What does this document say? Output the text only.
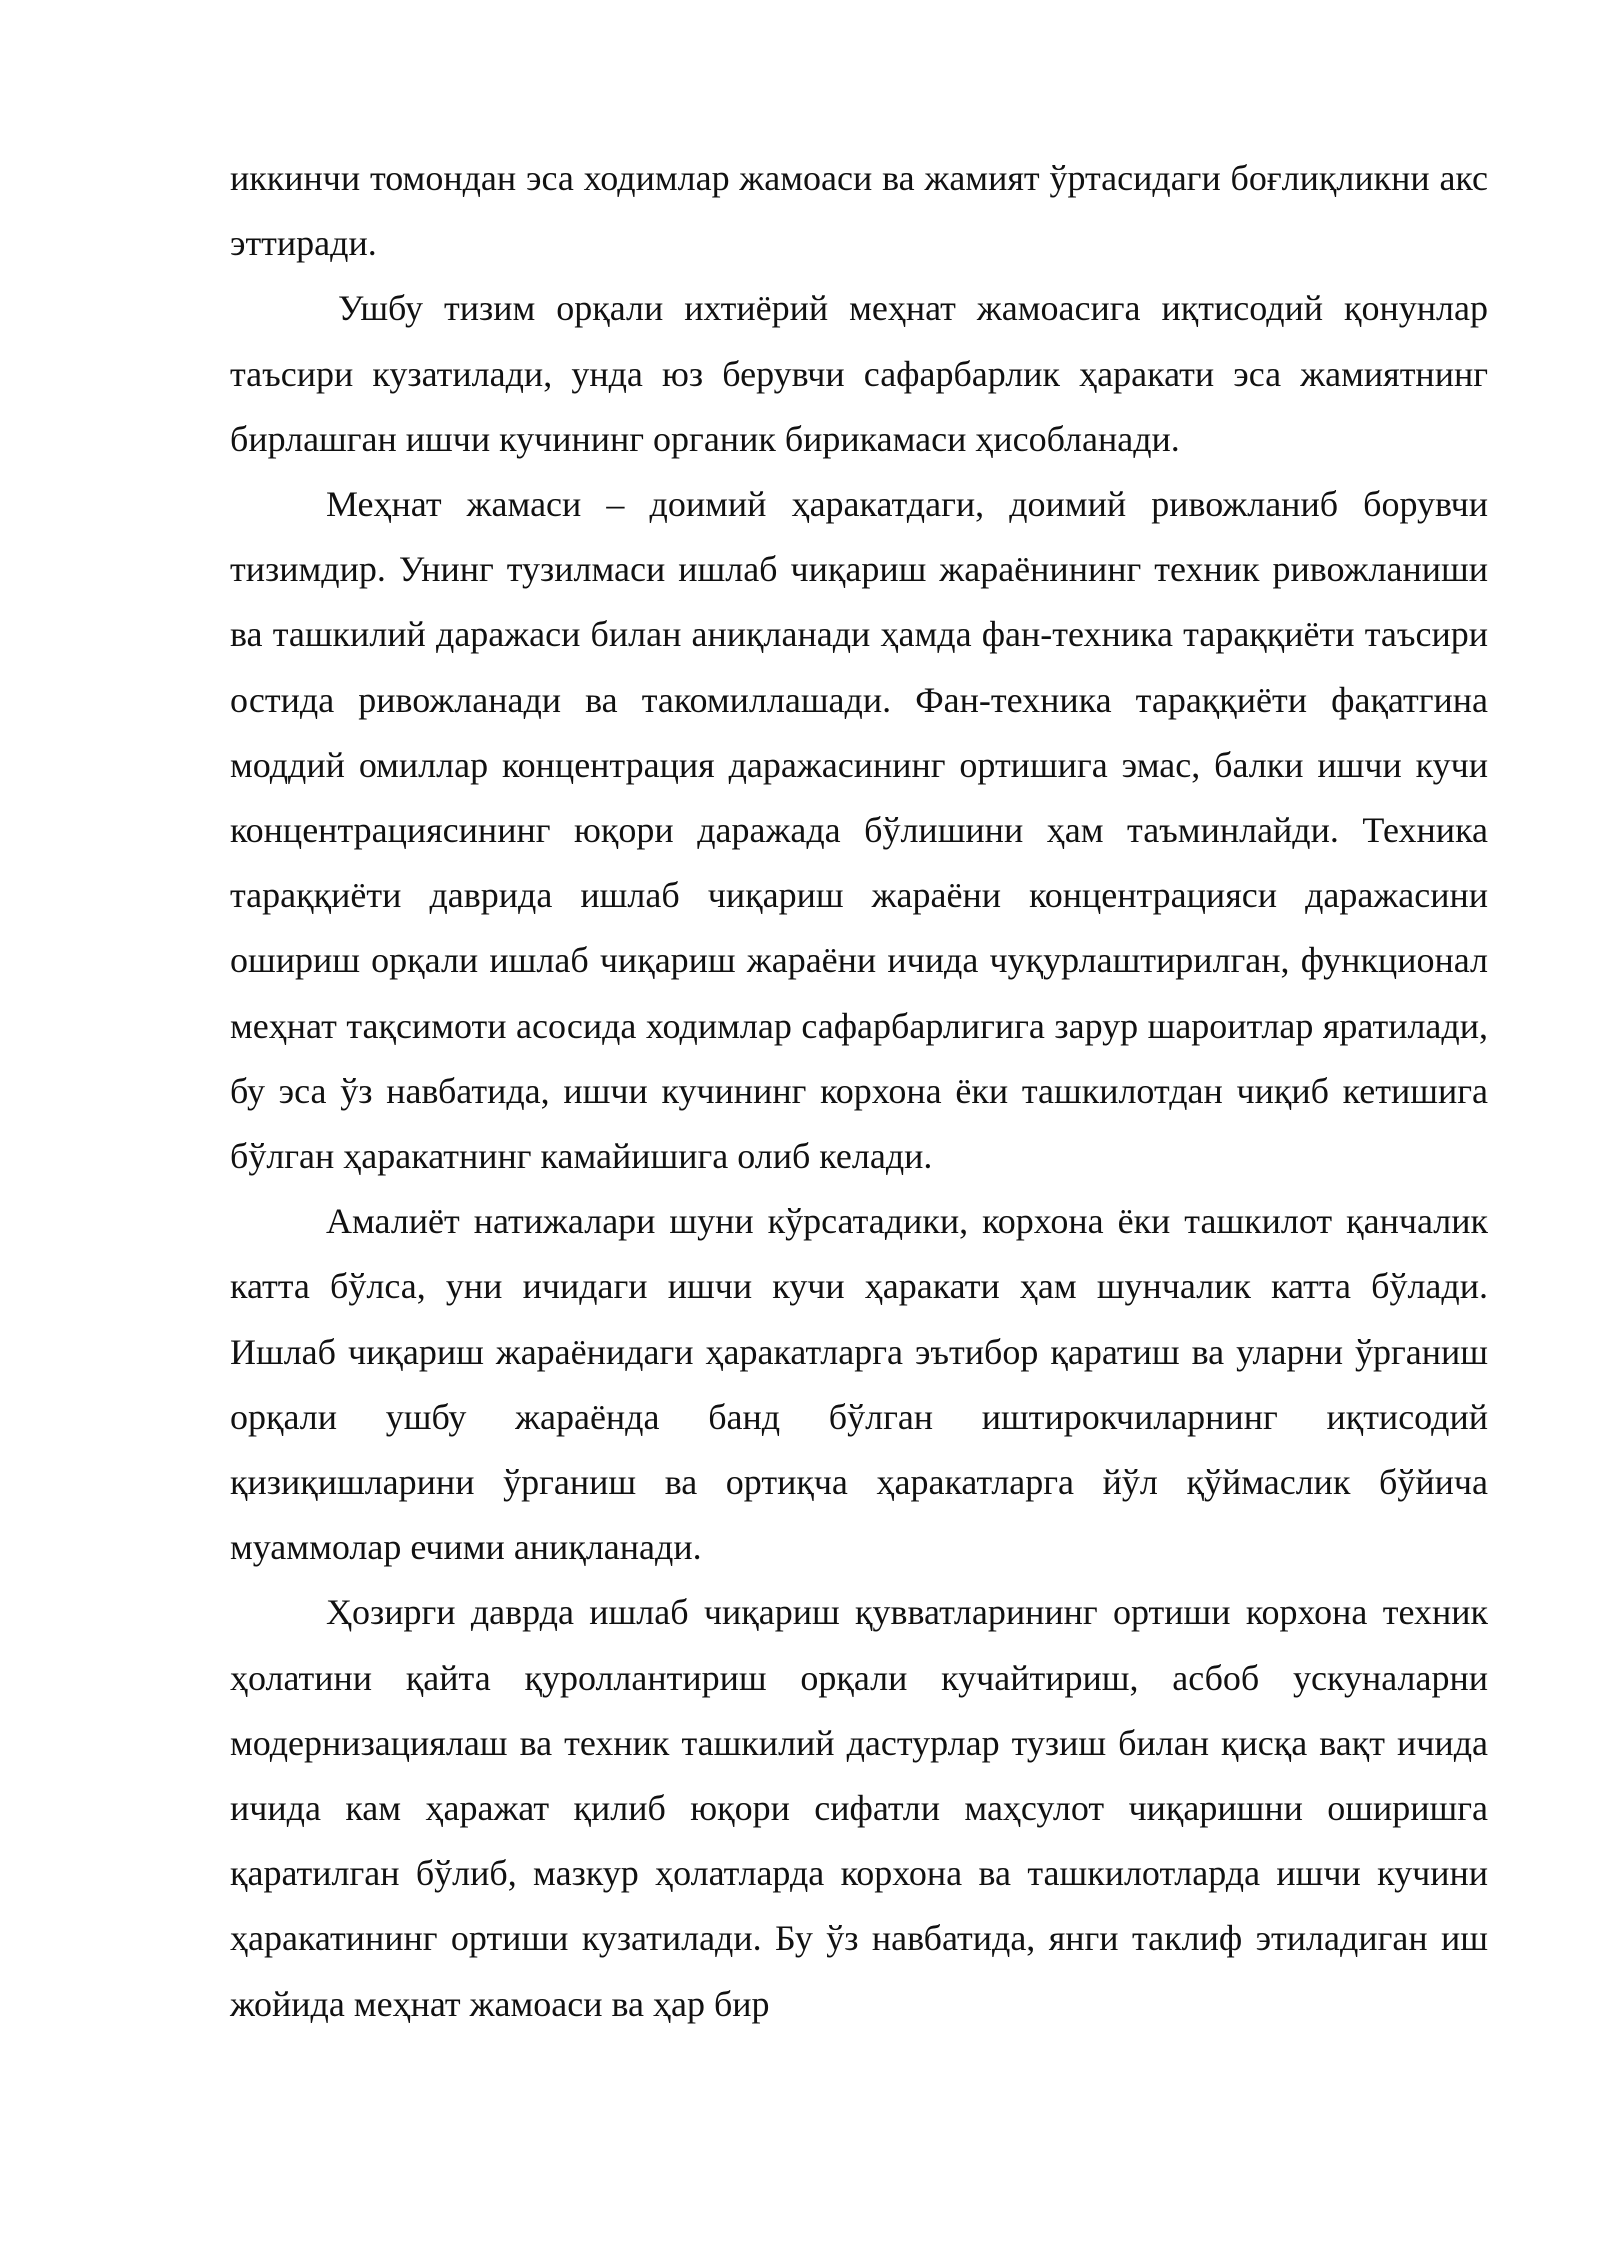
иккинчи томондан эса ходимлар жамоаси ва жамият ўртасидаги боғлиқликни акс эттиради.

Ушбу тизим орқали ихтиёрий меҳнат жамоасига иқтисодий қонунлар таъсири кузатилади, унда юз берувчи сафарбарлик ҳаракати эса жамиятнинг бирлашган ишчи кучининг органик бирикамаси ҳисобланади.

Меҳнат жамаси – доимий ҳаракатдаги, доимий ривожланиб борувчи тизимдир. Унинг тузилмаси ишлаб чиқариш жараёнининг техник ривожланиши ва ташкилий даражаси билан аниқланади ҳамда фан-техника тараққиёти таъсири остида ривожланади ва такомиллашади. Фан-техника тараққиёти фақатгина моддий омиллар концентрация даражасининг ортишига эмас, балки ишчи кучи концентрациясининг юқори даражада бўлишини ҳам таъминлайди. Техника тараққиёти даврида ишлаб чиқариш жараёни концентрацияси даражасини ошириш орқали ишлаб чиқариш жараёни ичида чуқурлаштирилган, функционал меҳнат тақсимоти асосида ходимлар сафарбарлигига зарур шароитлар яратилади, бу эса ўз навбатида, ишчи кучининг корхона ёки ташкилотдан чиқиб кетишига бўлган ҳаракатнинг камайишига олиб келади.

Амалиёт натижалари шуни кўрсатадики, корхона ёки ташкилот қанчалик катта бўлса, уни ичидаги ишчи кучи ҳаракати ҳам шунчалик катта бўлади. Ишлаб чиқариш жараёнидаги ҳаракатларга эътибор қаратиш ва уларни ўрганиш орқали ушбу жараёнда банд бўлган иштирокчиларнинг иқтисодий қизиқишларини ўрганиш ва ортиқча ҳаракатларга йўл қўймаслик бўйича муаммолар ечими аниқланади.

Ҳозирги даврда ишлаб чиқариш қувватларининг ортиши корхона техник ҳолатини қайта қуроллантириш орқали кучайтириш, асбоб ускуналарни модернизациялаш ва техник ташкилий дастурлар тузиш билан қисқа вақт ичида ичида кам ҳаражат қилиб юқори сифатли маҳсулот чиқаришни оширишга қаратилган бўлиб, мазкур ҳолатларда корхона ва ташкилотларда ишчи кучини ҳаракатининг ортиши кузатилади. Бу ўз навбатида, янги таклиф этиладиган иш жойида меҳнат жамоаси ва ҳар бир
